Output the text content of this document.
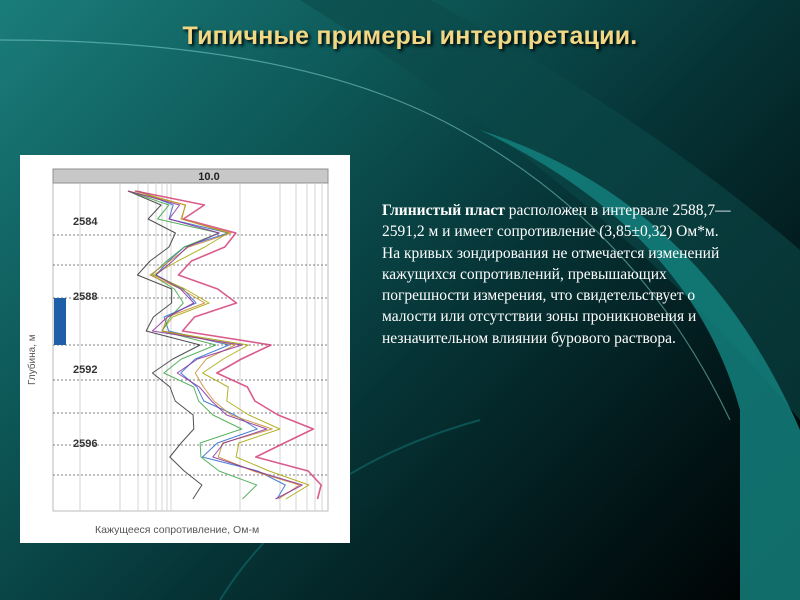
Типичные примеры интерпретации.
10.0
Глубина, м
Кажущееся сопротивление, Ом-м
2584
2588
2592
2596
Глинистый пласт расположен в интервале 2588,7—2591,2 м и имеет сопротивление (3,85±0,32) Ом*м. На кривых зондирования не отмечается изменений кажущихся сопротивлений, превышающих погрешности измерения, что свидетельствует о малости или отсутствии зоны проникновения и незначительном влиянии бурового раствора.
